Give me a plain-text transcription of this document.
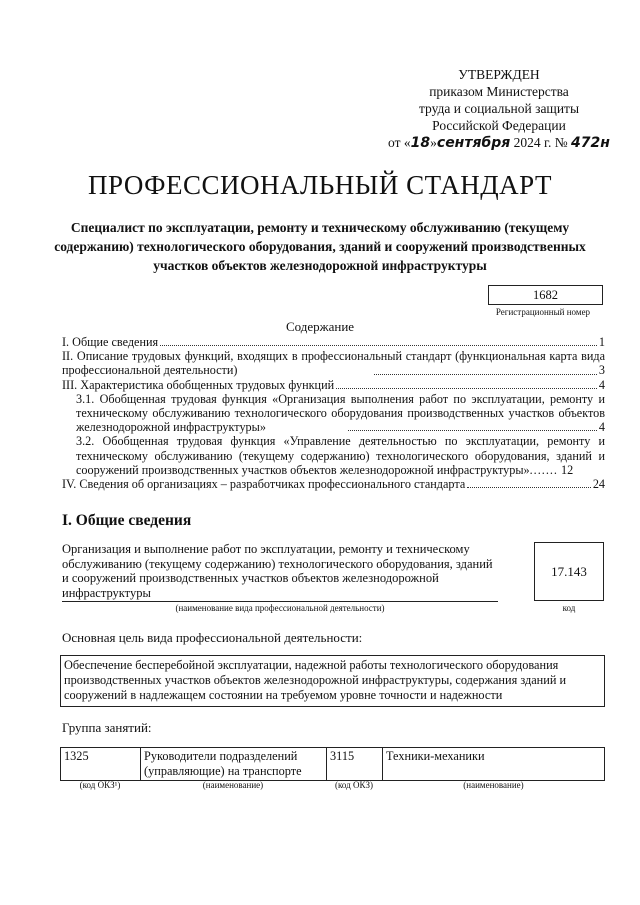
УТВЕРЖДЕН
приказом Министерства
труда и социальной защиты
Российской Федерации
от «18»сентября 2024 г. № 472н
ПРОФЕССИОНАЛЬНЫЙ СТАНДАРТ
Специалист по эксплуатации, ремонту и техническому обслуживанию (текущему содержанию) технологического оборудования, зданий и сооружений производственных участков объектов железнодорожной инфраструктуры
1682
Регистрационный номер
Содержание
I. Общие сведения	1
II. Описание трудовых функций, входящих в профессиональный стандарт (функциональная карта вида профессиональной деятельности)	3
III. Характеристика обобщенных трудовых функций	4
3.1. Обобщенная трудовая функция «Организация выполнения работ по эксплуатации, ремонту и техническому обслуживанию технологического оборудования производственных участков объектов железнодорожной инфраструктуры»	4
3.2. Обобщенная трудовая функция «Управление деятельностью по эксплуатации, ремонту и техническому обслуживанию (текущему содержанию) технологического оборудования, зданий и сооружений производственных участков объектов железнодорожной инфраструктуры»....... 12
IV. Сведения об организациях – разработчиках профессионального стандарта	24
I. Общие сведения
Организация и выполнение работ по эксплуатации, ремонту и техническому обслуживанию (текущему содержанию) технологического оборудования, зданий и сооружений производственных участков объектов железнодорожной инфраструктуры
(наименование вида профессиональной деятельности)
17.143
код
Основная цель вида профессиональной деятельности:
Обеспечение бесперебойной эксплуатации, надежной работы технологического оборудования производственных участков объектов железнодорожной инфраструктуры, содержания зданий и сооружений в надлежащем состоянии на требуемом уровне точности и надежности
Группа занятий:
1325	Руководители подразделений (управляющие) на транспорте	3115	Техники-механики
(код ОКЗ¹)	(наименование)	(код ОКЗ)	(наименование)
